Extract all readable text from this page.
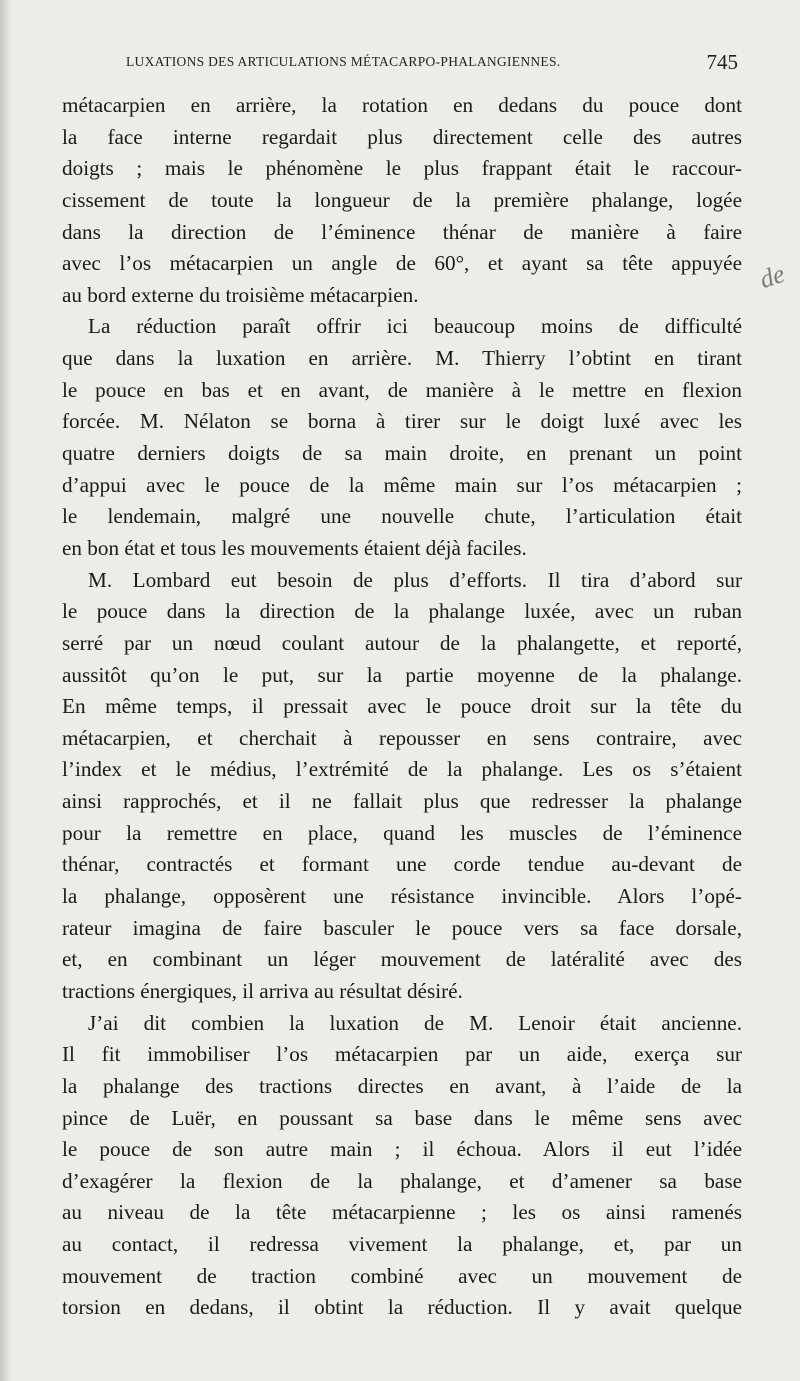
LUXATIONS DES ARTICULATIONS MÉTACARPO-PHALANGIENNES.	745
de
métacarpien en arrière, la rotation en dedans du pouce dont
la face interne regardait plus directement celle des autres
doigts ; mais le phénomène le plus frappant était le raccour-
cissement de toute la longueur de la première phalange, logée
dans la direction de l’éminence thénar de manière à faire
avec l’os métacarpien un angle de 60°, et ayant sa tête appuyée
au bord externe du troisième métacarpien.
La réduction paraît offrir ici beaucoup moins de difficulté
que dans la luxation en arrière. M. Thierry l’obtint en tirant
le pouce en bas et en avant, de manière à le mettre en flexion
forcée. M. Nélaton se borna à tirer sur le doigt luxé avec les
quatre derniers doigts de sa main droite, en prenant un point
d’appui avec le pouce de la même main sur l’os métacarpien ;
le lendemain, malgré une nouvelle chute, l’articulation était
en bon état et tous les mouvements étaient déjà faciles.
M. Lombard eut besoin de plus d’efforts. Il tira d’abord sur
le pouce dans la direction de la phalange luxée, avec un ruban
serré par un nœud coulant autour de la phalangette, et reporté,
aussitôt qu’on le put, sur la partie moyenne de la phalange.
En même temps, il pressait avec le pouce droit sur la tête du
métacarpien, et cherchait à repousser en sens contraire, avec
l’index et le médius, l’extrémité de la phalange. Les os s’étaient
ainsi rapprochés, et il ne fallait plus que redresser la phalange
pour la remettre en place, quand les muscles de l’éminence
thénar, contractés et formant une corde tendue au-devant de
la phalange, opposèrent une résistance invincible. Alors l’opé-
rateur imagina de faire basculer le pouce vers sa face dorsale,
et, en combinant un léger mouvement de latéralité avec des
tractions énergiques, il arriva au résultat désiré.
J’ai dit combien la luxation de M. Lenoir était ancienne.
Il fit immobiliser l’os métacarpien par un aide, exerça sur
la phalange des tractions directes en avant, à l’aide de la
pince de Luër, en poussant sa base dans le même sens avec
le pouce de son autre main ; il échoua. Alors il eut l’idée
d’exagérer la flexion de la phalange, et d’amener sa base
au niveau de la tête métacarpienne ; les os ainsi ramenés
au contact, il redressa vivement la phalange, et, par un
mouvement de traction combiné avec un mouvement de
torsion en dedans, il obtint la réduction. Il y avait quelque
